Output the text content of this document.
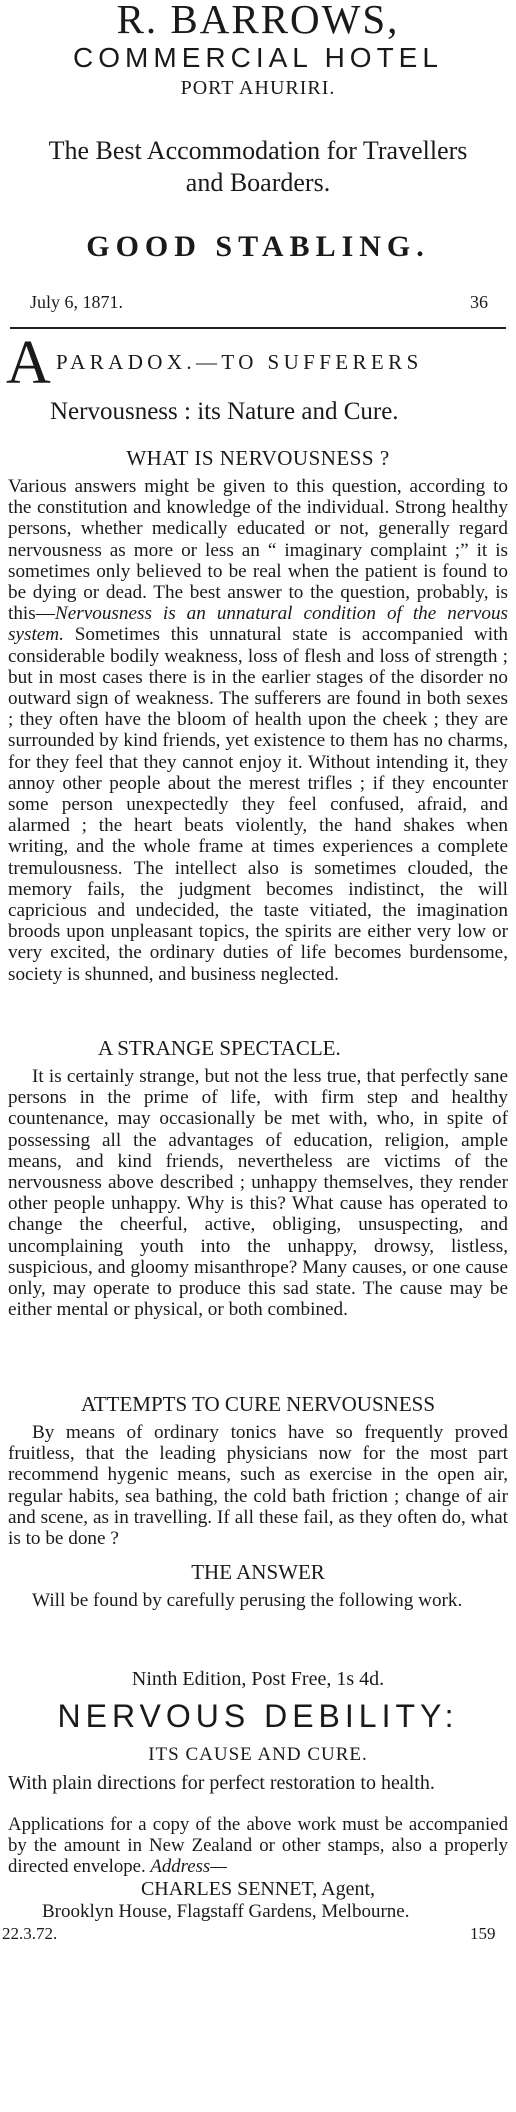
R. BARROWS,
COMMERCIAL HOTEL
PORT AHURIRI.
The Best Accommodation for Travellers
and Boarders.
GOOD STABLING.
July 6, 1871.	36
A PARADOX.—TO SUFFERERS
Nervousness : its Nature and Cure.
WHAT IS NERVOUSNESS ?

Various answers might be given to this question, according to the constitution and knowledge of the individual. Strong healthy persons, whether medically educated or not, generally regard nervousness as more or less an “ imaginary complaint ;” it is sometimes only believed to be real when the patient is found to be dying or dead. The best answer to the question, probably, is this—Nervousness is an unnatural condition of the nervous system. Sometimes this unnatural state is accompanied with considerable bodily weakness, loss of flesh and loss of strength ; but in most cases there is in the earlier stages of the disorder no outward sign of weakness. The sufferers are found in both sexes ; they often have the bloom of health upon the cheek ; they are surrounded by kind friends, yet existence to them has no charms, for they feel that they cannot enjoy it. Without intending it, they annoy other people about the merest trifles ; if they encounter some person unexpectedly they feel confused, afraid, and alarmed ; the heart beats violently, the hand shakes when writing, and the whole frame at times experiences a complete tremulousness. The intellect also is sometimes clouded, the memory fails, the judgment becomes indistinct, the will capricious and undecided, the taste vitiated, the imagination broods upon unpleasant topics, the spirits are either very low or very excited, the ordinary duties of life becomes burdensome, society is shunned, and business neglected.

A STRANGE SPECTACLE.

It is certainly strange, but not the less true, that perfectly sane persons in the prime of life, with firm step and healthy countenance, may occasionally be met with, who, in spite of possessing all the advantages of education, religion, ample means, and kind friends, nevertheless are victims of the nervousness above described ; unhappy themselves, they render other people unhappy. Why is this? What cause has operated to change the cheerful, active, obliging, unsuspecting, and uncomplaining youth into the unhappy, drowsy, listless, suspicious, and gloomy misanthrope? Many causes, or one cause only, may operate to produce this sad state. The cause may be either mental or physical, or both combined.

ATTEMPTS TO CURE NERVOUSNESS

By means of ordinary tonics have so frequently proved fruitless, that the leading physicians now for the most part recommend hygenic means, such as exercise in the open air, regular habits, sea bathing, the cold bath friction ; change of air and scene, as in travelling. If all these fail, as they often do, what is to be done ?

THE ANSWER

Will be found by carefully perusing the following work.

Ninth Edition, Post Free, 1s 4d.
NERVOUS DEBILITY:
ITS CAUSE AND CURE.
With plain directions for perfect restoration to health.

Applications for a copy of the above work must be accompanied by the amount in New Zealand or other stamps, also a properly directed envelope. Address—

CHARLES SENNET, Agent,
Brooklyn House, Flagstaff Gardens, Melbourne.
22.3.72.	159
